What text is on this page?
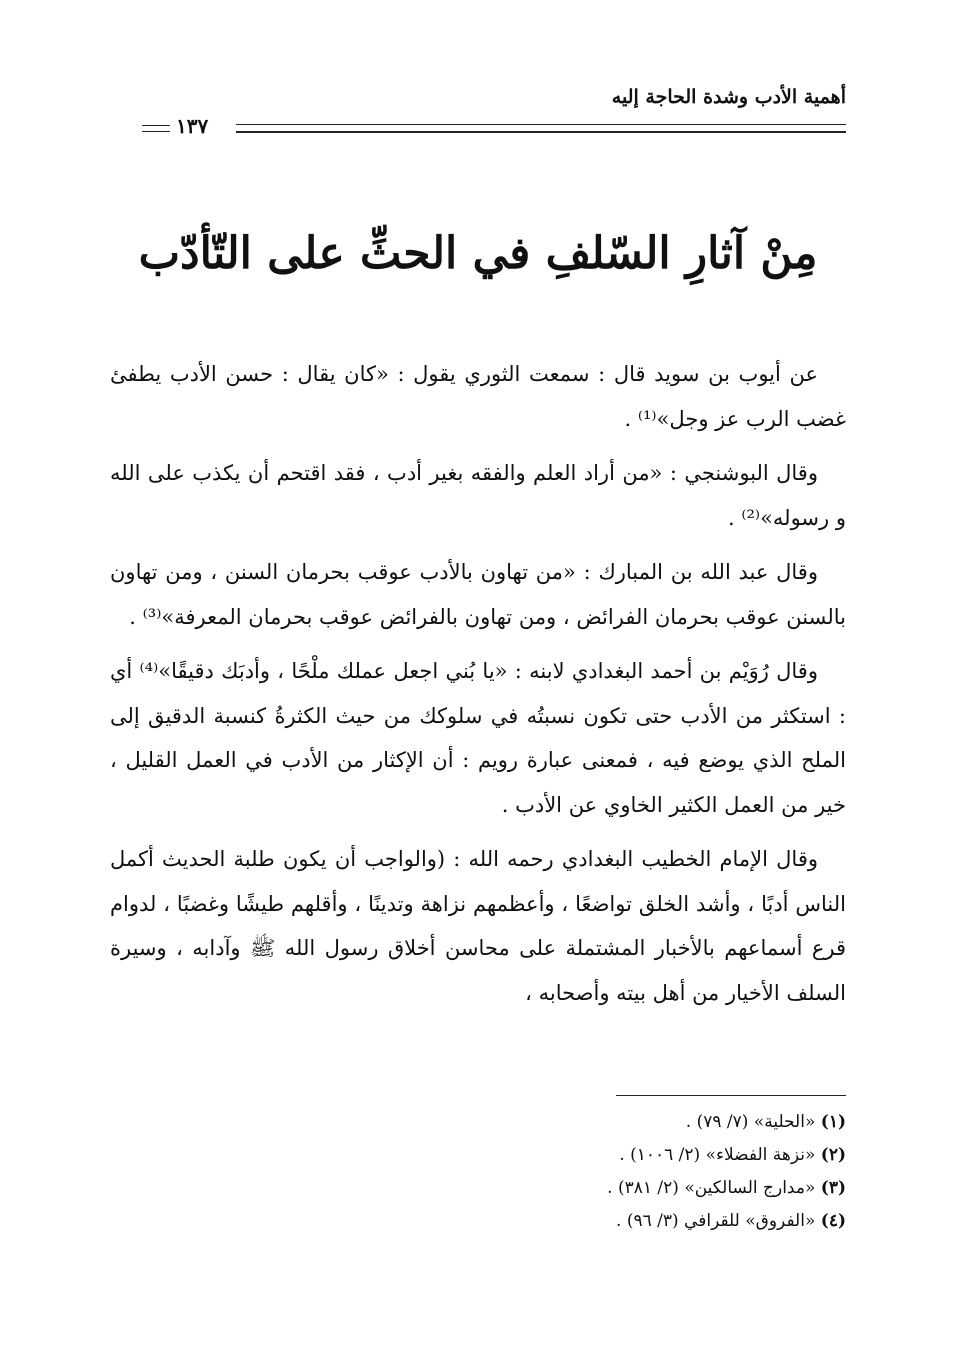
أهمية الأدب وشدة الحاجة إليه
١٣٧
مِنْ آثارِ السّلفِ في الحثِّ على التّأدّب

عن أيوب بن سويد قال : سمعت الثوري يقول : «كان يقال : حسن الأدب يطفئ غضب الرب عز وجل»⁽¹⁾ .

وقال البوشنجي : «من أراد العلم والفقه بغير أدب ، فقد اقتحم أن يكذب على الله و رسوله»⁽²⁾ .

وقال عبد الله بن المبارك : «من تهاون بالأدب عوقب بحرمان السنن ، ومن تهاون بالسنن عوقب بحرمان الفرائض ، ومن تهاون بالفرائض عوقب بحرمان المعرفة»⁽³⁾ .

وقال رُوَيْم بن أحمد البغدادي لابنه : «يا بُني اجعل عملك ملْحًا ، وأدبَك دقيقًا»⁽⁴⁾ أي : استكثر من الأدب حتى تكون نسبتُه في سلوكك من حيث الكثرةُ كنسبة الدقيق إلى الملح الذي يوضع فيه ، فمعنى عبارة رويم : أن الإكثار من الأدب في العمل القليل ، خير من العمل الكثير الخاوي عن الأدب .

وقال الإمام الخطيب البغدادي رحمه الله : (والواجب أن يكون طلبة الحديث أكمل الناس أدبًا ، وأشد الخلق تواضعًا ، وأعظمهم نزاهة وتدينًا ، وأقلهم طيشًا وغضبًا ، لدوام قرع أسماعهم بالأخبار المشتملة على محاسن أخلاق رسول الله ﷺ وآدابه ، وسيرة السلف الأخيار من أهل بيته وأصحابه ،

(١) «الحلية» (٧/ ٧٩) .
(٢) «نزهة الفضلاء» (٢/ ١٠٠٦) .
(٣) «مدارج السالكين» (٢/ ٣٨١) .
(٤) «الفروق» للقرافي (٣/ ٩٦) .
